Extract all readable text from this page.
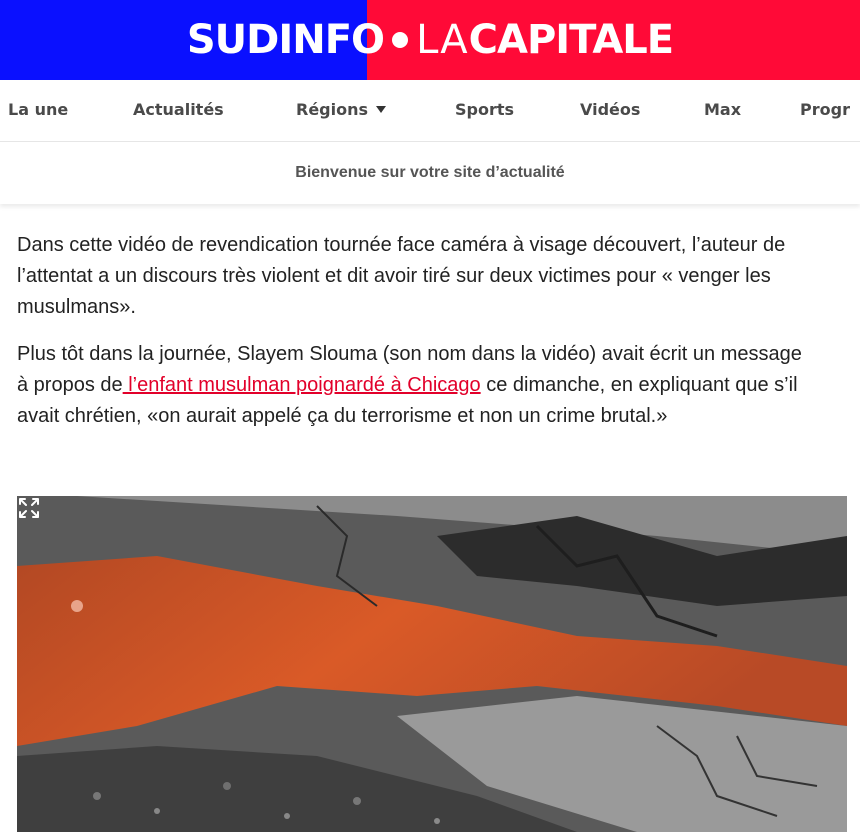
SUDINFO LA CAPITALE
La une	Actualités	Régions	Sports	Vidéos	Max	Progr
Bienvenue sur votre site d’actualité

Dans cette vidéo de revendication tournée face caméra à visage découvert, l’auteur de l’attentat a un discours très violent et dit avoir tiré sur deux victimes pour « venger les musulmans».

Plus tôt dans la journée, Slayem Slouma (son nom dans la vidéo) avait écrit un message à propos de l’enfant musulman poignardé à Chicago ce dimanche, en expliquant que s’il avait chrétien, «on aurait appelé ça du terrorisme et non un crime brutal.»
